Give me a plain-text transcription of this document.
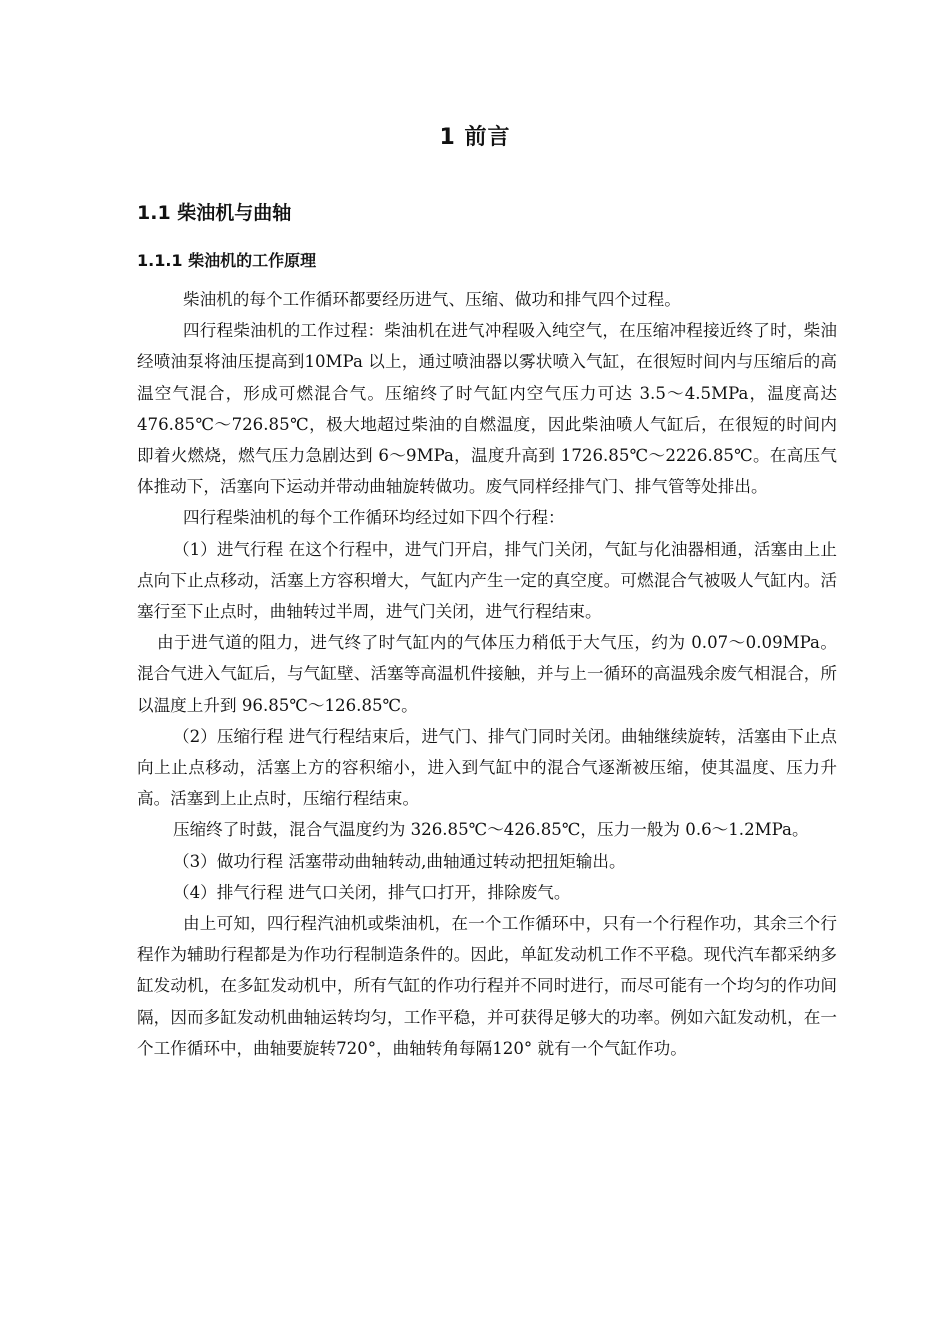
1 前言
1.1 柴油机与曲轴
1.1.1 柴油机的工作原理

柴油机的每个工作循环都要经历进气、压缩、做功和排气四个过程。

四行程柴油机的工作过程：柴油机在进气冲程吸入纯空气，在压缩冲程接近终了时，柴油经喷油泵将油压提高到10MPa 以上，通过喷油器以雾状喷入气缸，在很短时间内与压缩后的高温空气混合，形成可燃混合气。压缩终了时气缸内空气压力可达 3.5～4.5MPa，温度高达 476.85℃～726.85℃，极大地超过柴油的自燃温度，因此柴油喷人气缸后，在很短的时间内即着火燃烧，燃气压力急剧达到 6～9MPa，温度升高到 1726.85℃～2226.85℃。在高压气体推动下，活塞向下运动并带动曲轴旋转做功。废气同样经排气门、排气管等处排出。

四行程柴油机的每个工作循环均经过如下四个行程：

（1）进气行程 在这个行程中，进气门开启，排气门关闭，气缸与化油器相通，活塞由上止点向下止点移动，活塞上方容积增大，气缸内产生一定的真空度。可燃混合气被吸人气缸内。活塞行至下止点时，曲轴转过半周，进气门关闭，进气行程结束。

由于进气道的阻力，进气终了时气缸内的气体压力稍低于大气压，约为 0.07～0.09MPa。混合气进入气缸后，与气缸壁、活塞等高温机件接触，并与上一循环的高温残余废气相混合，所以温度上升到 96.85℃～126.85℃。

（2）压缩行程 进气行程结束后，进气门、排气门同时关闭。曲轴继续旋转，活塞由下止点向上止点移动，活塞上方的容积缩小，进入到气缸中的混合气逐渐被压缩，使其温度、压力升高。活塞到上止点时，压缩行程结束。

压缩终了时鼓，混合气温度约为 326.85℃～426.85℃，压力一般为 0.6～1.2MPa。

（3）做功行程 活塞带动曲轴转动,曲轴通过转动把扭矩输出。

（4）排气行程 进气口关闭，排气口打开，排除废气。

由上可知，四行程汽油机或柴油机，在一个工作循环中，只有一个行程作功，其余三个行程作为辅助行程都是为作功行程制造条件的。因此，单缸发动机工作不平稳。现代汽车都采纳多缸发动机，在多缸发动机中，所有气缸的作功行程并不同时进行，而尽可能有一个均匀的作功间隔，因而多缸发动机曲轴运转均匀，工作平稳，并可获得足够大的功率。例如六缸发动机，在一个工作循环中，曲轴要旋转720°，曲轴转角每隔120° 就有一个气缸作功。
